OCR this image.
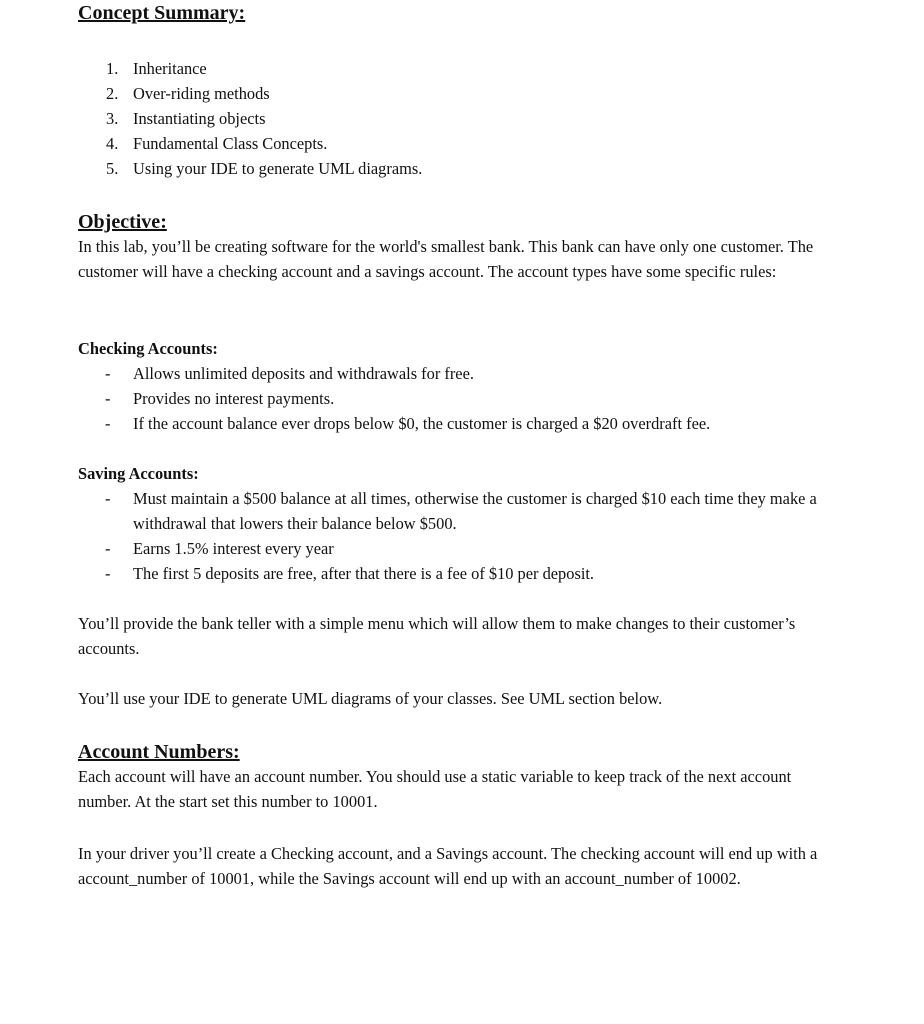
Concept Summary:
1. Inheritance
2. Over-riding methods
3. Instantiating objects
4. Fundamental Class Concepts.
5. Using your IDE to generate UML diagrams.
Objective:

In this lab, you’ll be creating software for the world's smallest bank. This bank can have only one customer. The customer will have a checking account and a savings account. The account types have some specific rules:

Checking Accounts:

- Allows unlimited deposits and withdrawals for free.
- Provides no interest payments.
- If the account balance ever drops below $0, the customer is charged a $20 overdraft fee.

Saving Accounts:

- Must maintain a $500 balance at all times, otherwise the customer is charged $10 each time they make a withdrawal that lowers their balance below $500.
- Earns 1.5% interest every year
- The first 5 deposits are free, after that there is a fee of $10 per deposit.

You’ll provide the bank teller with a simple menu which will allow them to make changes to their customer’s accounts.

You’ll use your IDE to generate UML diagrams of your classes. See UML section below.

Account Numbers:

Each account will have an account number. You should use a static variable to keep track of the next account number. At the start set this number to 10001.

In your driver you’ll create a Checking account, and a Savings account. The checking account will end up with a account_number of 10001, while the Savings account will end up with an account_number of 10002.
